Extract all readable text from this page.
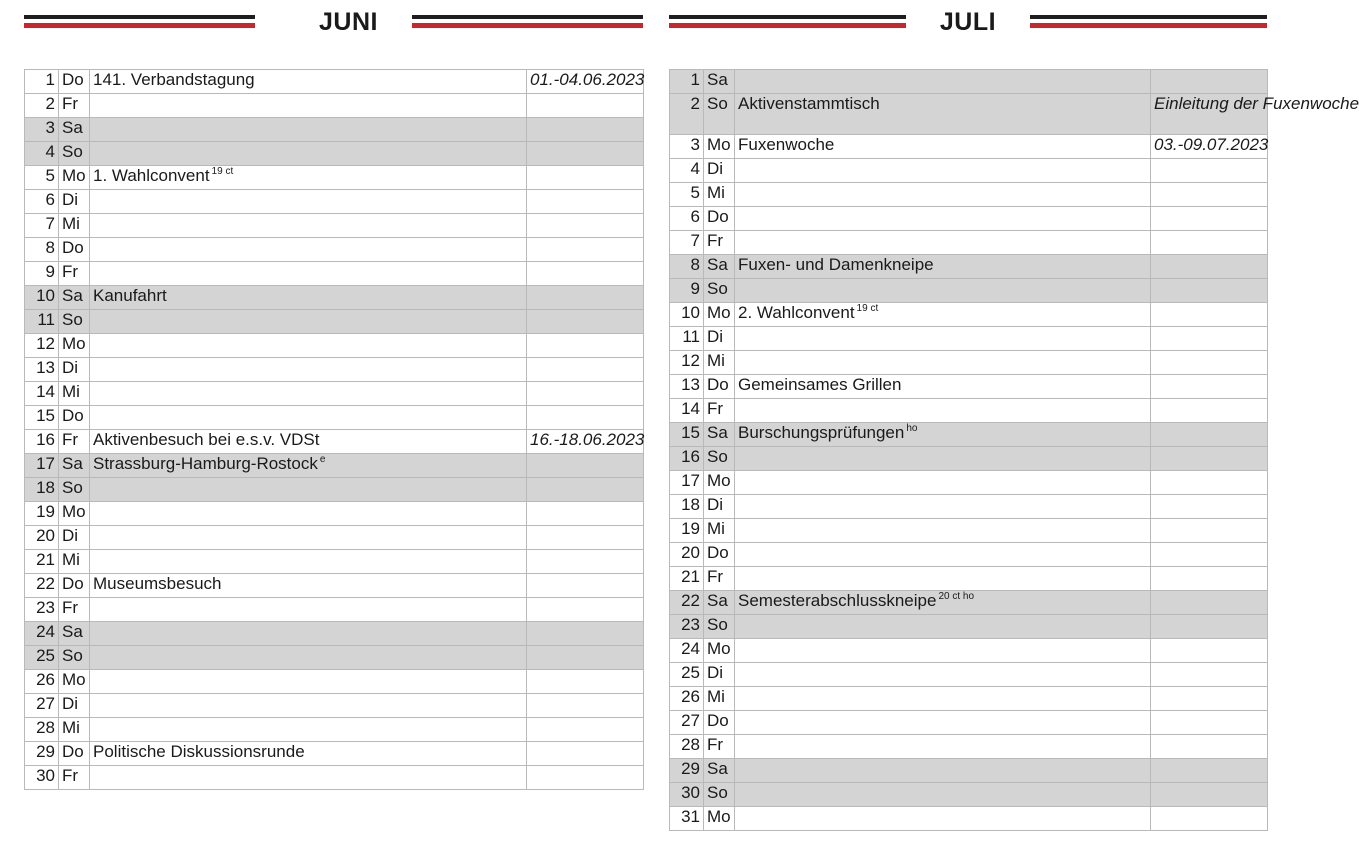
JUNI
1	Do	141. Verbandstagung	01.-04.06.2023
2	Fr		
3	Sa		
4	So		
5	Mo	1. Wahlconvent $^{19 ct}$	
6	Di		
7	Mi		
8	Do		
9	Fr		
10	Sa	Kanufahrt	
11	So		
12	Mo		
13	Di		
14	Mi		
15	Do		
16	Fr	Aktivenbesuch bei e.s.v. VDSt	16.-18.06.2023
17	Sa	Strassburg-Hamburg-Rostock $^e$	
18	So		
19	Mo		
20	Di		
21	Mi		
22	Do	Museumsbesuch	
23	Fr		
24	Sa		
25	So		
26	Mo		
27	Di		
28	Mi		
29	Do	Politische Diskussionsrunde	
30	Fr		
JULI
1	Sa		
2	So	Aktivenstammtisch	Einleitung der Fuxenwoche
3	Mo	Fuxenwoche	03.-09.07.2023
4	Di		
5	Mi		
6	Do		
7	Fr		
8	Sa	Fuxen- und Damenkneipe	
9	So		
10	Mo	2. Wahlconvent $^{19 ct}$	
11	Di		
12	Mi		
13	Do	Gemeinsames Grillen	
14	Fr		
15	Sa	Burschungsprüfungen $^{ho}$	
16	So		
17	Mo		
18	Di		
19	Mi		
20	Do		
21	Fr		
22	Sa	Semesterabschlusskneipe $^{20 ct ho}$	
23	So		
24	Mo		
25	Di		
26	Mi		
27	Do		
28	Fr		
29	Sa		
30	So		
31	Mo		
